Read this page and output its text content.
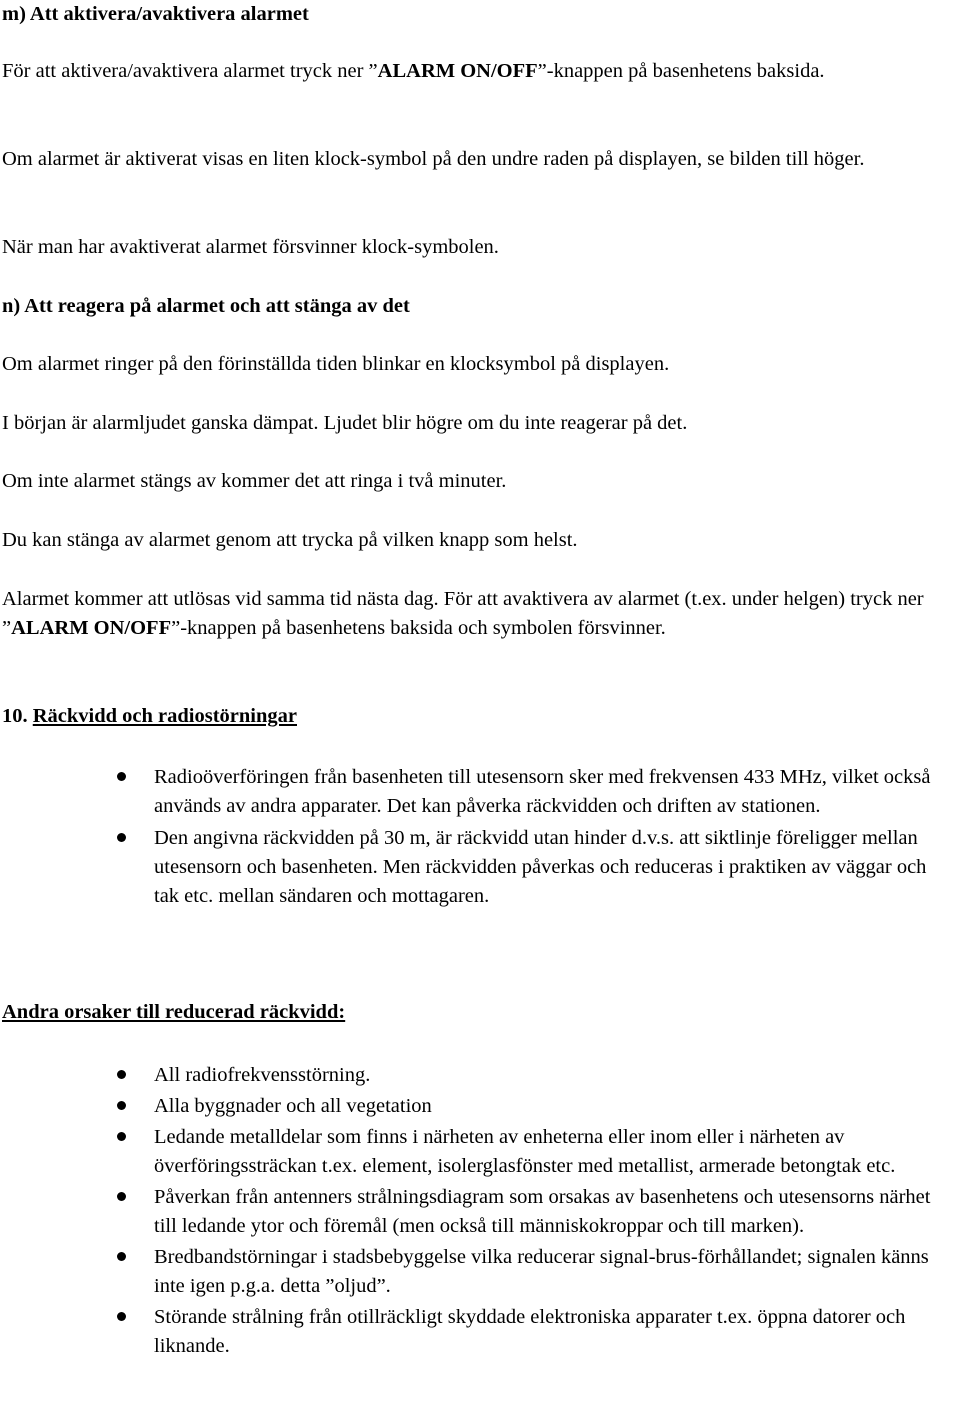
m) Att aktivera/avaktivera alarmet

För att aktivera/avaktivera alarmet tryck ner ”ALARM ON/OFF”-knappen på basenhetens baksida.

Om alarmet är aktiverat visas en liten klock-symbol på den undre raden på displayen, se bilden till höger.

När man har avaktiverat alarmet försvinner klock-symbolen.

n) Att reagera på alarmet och att stänga av det

Om alarmet ringer på den förinställda tiden blinkar en klocksymbol på displayen.

I början är alarmljudet ganska dämpat. Ljudet blir högre om du inte reagerar på det.

Om inte alarmet stängs av kommer det att ringa i två minuter.

Du kan stänga av alarmet genom att trycka på vilken knapp som helst.

Alarmet kommer att utlösas vid samma tid nästa dag. För att avaktivera av alarmet (t.ex. under helgen) tryck ner ”ALARM ON/OFF”-knappen på basenhetens baksida och symbolen försvinner.

10. Räckvidd och radiostörningar
Radioöverföringen från basenheten till utesensorn sker med frekvensen 433 MHz, vilket också används av andra apparater. Det kan påverka räckvidden och driften av stationen.
Den angivna räckvidden på 30 m, är räckvidd utan hinder d.v.s. att siktlinje föreligger mellan utesensorn och basenheten. Men räckvidden påverkas och reduceras i praktiken av väggar och tak etc. mellan sändaren och mottagaren.
Andra orsaker till reducerad räckvidd:
All radiofrekvensstörning.
Alla byggnader och all vegetation
Ledande metalldelar som finns i närheten av enheterna eller inom eller i närheten av överföringssträckan t.ex. element, isolerglasfönster med metallist, armerade betongtak etc.
Påverkan från antenners strålningsdiagram som orsakas av basenhetens och utesensorns närhet till ledande ytor och föremål (men också till människokroppar och till marken).
Bredbandstörningar i stadsbebyggelse vilka reducerar signal-brus-förhållandet; signalen känns inte igen p.g.a. detta ”oljud”.
Störande strålning från otillräckligt skyddade elektroniska apparater t.ex. öppna datorer och liknande.
